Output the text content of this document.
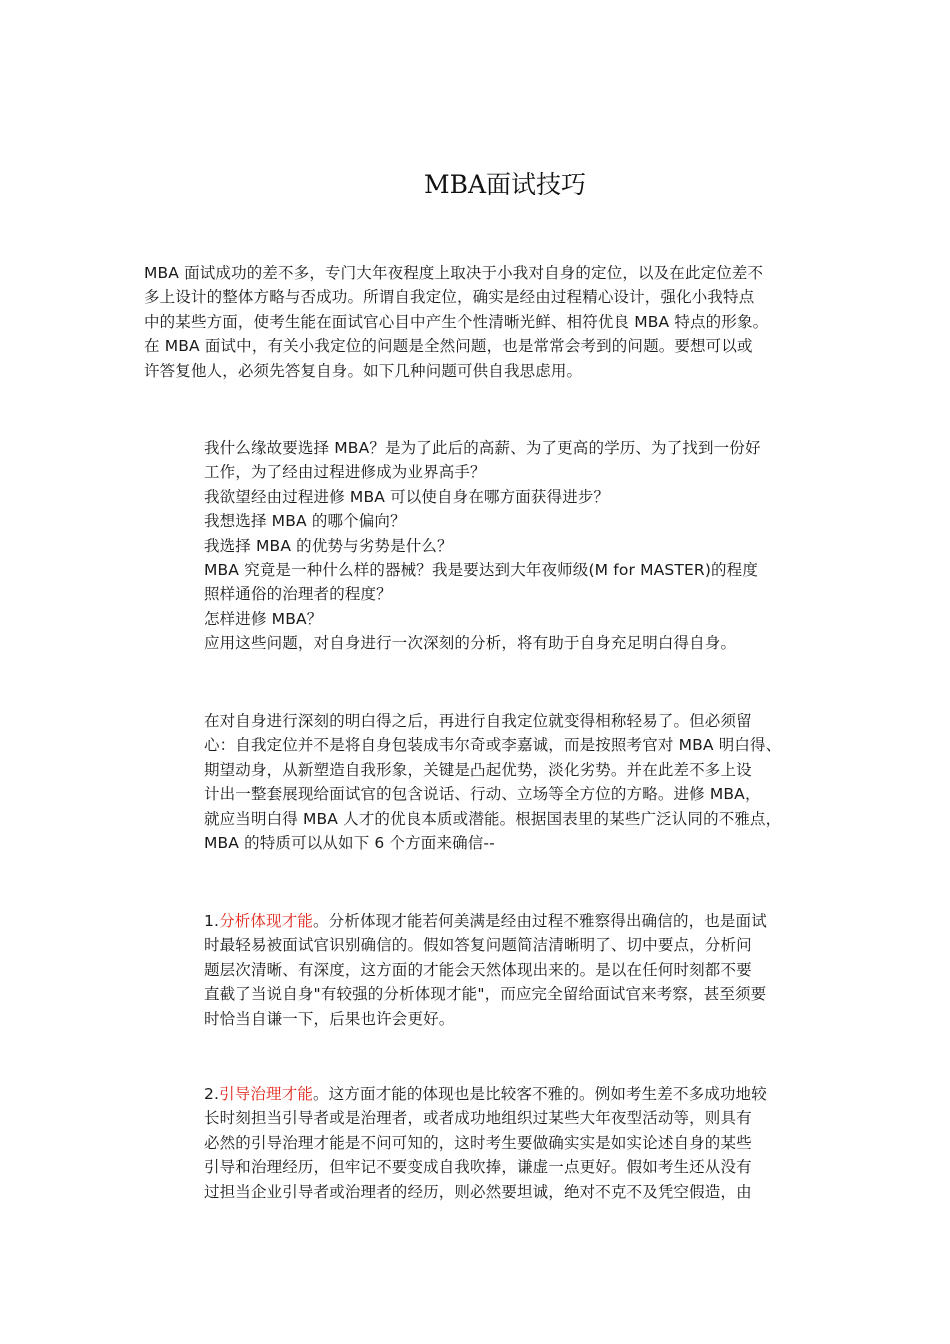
MBA面试技巧
MBA 面试成功的差不多，专门大年夜程度上取决于小我对自身的定位，以及在此定位差不
多上设计的整体方略与否成功。所谓自我定位，确实是经由过程精心设计，强化小我特点
中的某些方面，使考生能在面试官心目中产生个性清晰光鲜、相符优良 MBA 特点的形象。
在 MBA 面试中，有关小我定位的问题是全然问题，也是常常会考到的问题。要想可以或
许答复他人，必须先答复自身。如下几种问题可供自我思虑用。
我什么缘故要选择 MBA？是为了此后的高薪、为了更高的学历、为了找到一份好
工作，为了经由过程进修成为业界高手？
我欲望经由过程进修 MBA 可以使自身在哪方面获得进步？
我想选择 MBA 的哪个偏向？
我选择 MBA 的优势与劣势是什么？
MBA 究竟是一种什么样的器械？我是要达到大年夜师级(M for MASTER)的程度
照样通俗的治理者的程度？
怎样进修 MBA？
应用这些问题，对自身进行一次深刻的分析，将有助于自身充足明白得自身。
在对自身进行深刻的明白得之后，再进行自我定位就变得相称轻易了。但必须留
心：自我定位并不是将自身包装成韦尔奇或李嘉诚，而是按照考官对 MBA 明白得、
期望动身，从新塑造自我形象，关键是凸起优势，淡化劣势。并在此差不多上设
计出一整套展现给面试官的包含说话、行动、立场等全方位的方略。进修 MBA，
就应当明白得 MBA 人才的优良本质或潜能。根据国表里的某些广泛认同的不雅点，
MBA 的特质可以从如下 6 个方面来确信--
1.分析体现才能。分析体现才能若何美满是经由过程不雅察得出确信的，也是面试
时最轻易被面试官识别确信的。假如答复问题简洁清晰明了、切中要点，分析问
题层次清晰、有深度，这方面的才能会天然体现出来的。是以在任何时刻都不要
直截了当说自身"有较强的分析体现才能"，而应完全留给面试官来考察，甚至须要
时恰当自谦一下，后果也许会更好。
2.引导治理才能。这方面才能的体现也是比较客不雅的。例如考生差不多成功地较
长时刻担当引导者或是治理者，或者成功地组织过某些大年夜型活动等，则具有
必然的引导治理才能是不问可知的，这时考生要做确实实是如实论述自身的某些
引导和治理经历，但牢记不要变成自我吹捧，谦虚一点更好。假如考生还从没有
过担当企业引导者或治理者的经历，则必然要坦诚，绝对不克不及凭空假造，由
